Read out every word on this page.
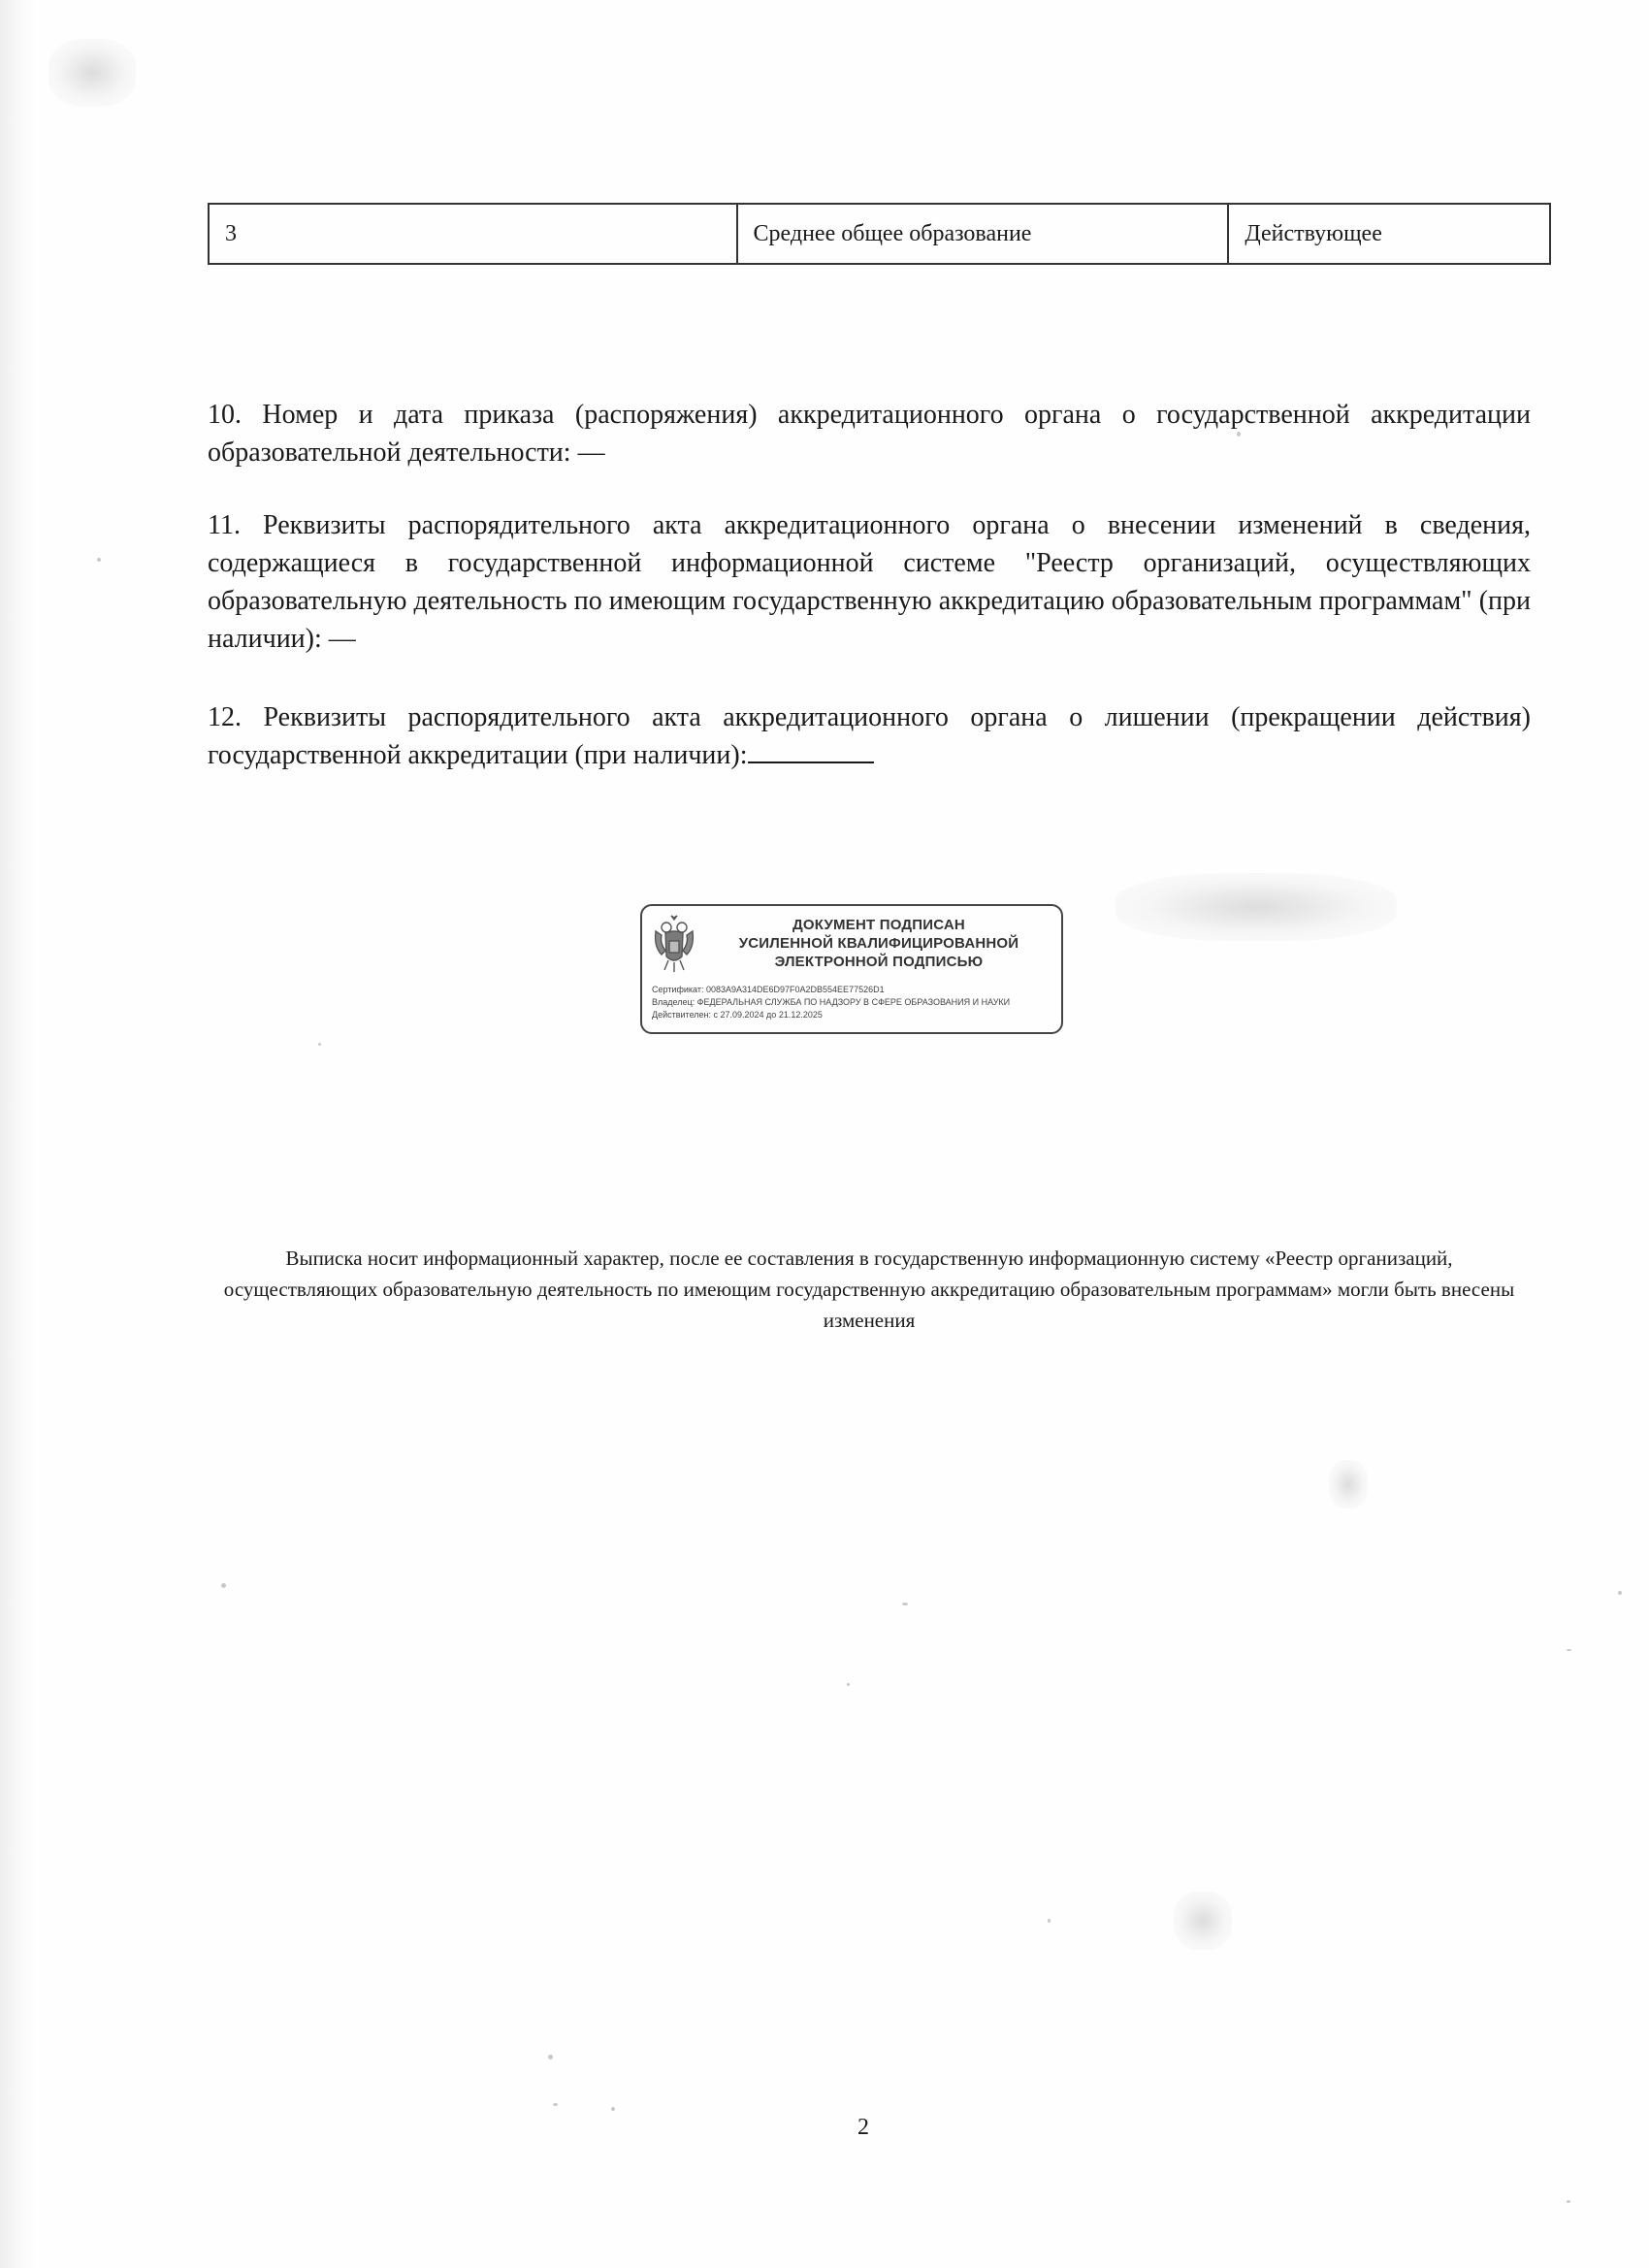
3	Среднее общее образование	Действующее
10. Номер и дата приказа (распоряжения) аккредитационного органа о государственной аккредитации образовательной деятельности: —
11. Реквизиты распорядительного акта аккредитационного органа о внесении изменений в сведения, содержащиеся в государственной информационной системе "Реестр организаций, осуществляющих образовательную деятельность по имеющим государственную аккредитацию образовательным программам" (при наличии): —
12. Реквизиты распорядительного акта аккредитационного органа о лишении (прекращении действия) государственной аккредитации (при наличии):
ДОКУМЕНТ ПОДПИСАН
УСИЛЕННОЙ КВАЛИФИЦИРОВАННОЙ
ЭЛЕКТРОННОЙ ПОДПИСЬЮ
Сертификат: 0083A9A314DE6D97F0A2DB554EE77526D1
Владелец: ФЕДЕРАЛЬНАЯ СЛУЖБА ПО НАДЗОРУ В СФЕРЕ ОБРАЗОВАНИЯ И НАУКИ
Действителен: с 27.09.2024 до 21.12.2025
Выписка носит информационный характер, после ее составления в государственную информационную систему «Реестр организаций, осуществляющих образовательную деятельность по имеющим государственную аккредитацию образовательным программам» могли быть внесены изменения
2
